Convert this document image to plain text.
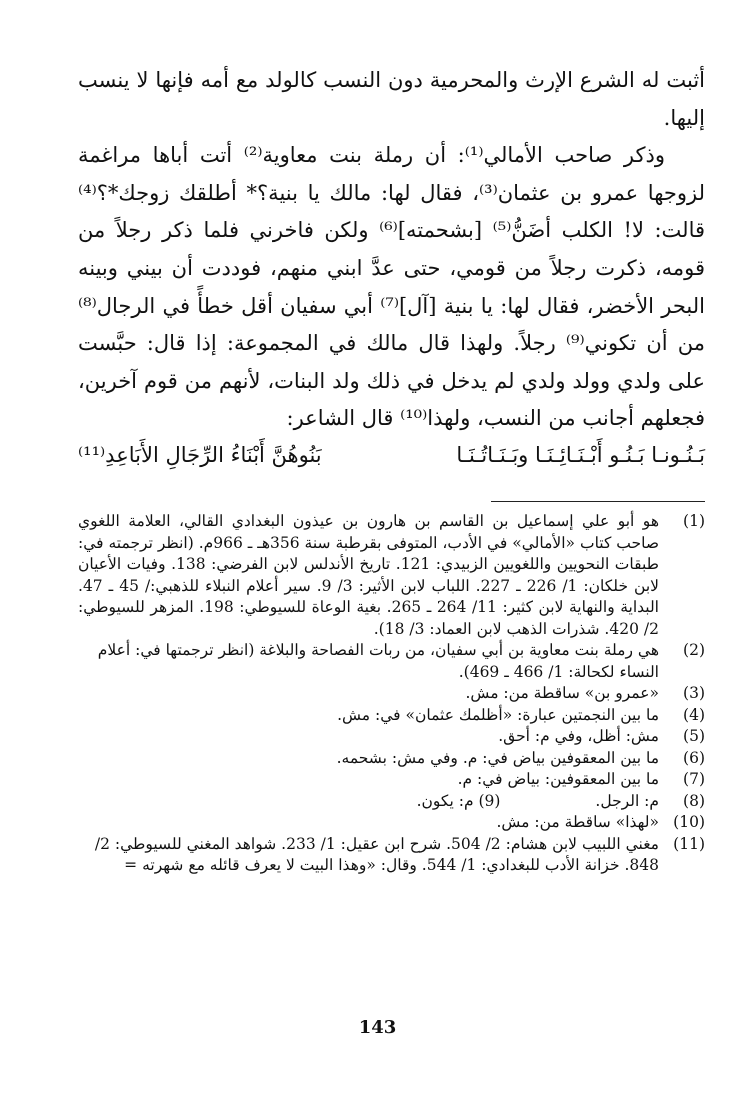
أثبت له الشرع الإرث والمحرمية دون النسب كالولد مع أمه فإنها لا ينسب إليها.

وذكر صاحب الأمالي⁽¹⁾: أن رملة بنت معاوية⁽²⁾ أتت أباها مراغمة لزوجها عمرو بن عثمان⁽³⁾، فقال لها: مالك يا بنية؟* أطلقك زوجك*؟⁽⁴⁾ قالت: لا! الكلب أضَنُّ⁽⁵⁾ [بشحمته]⁽⁶⁾ ولكن فاخرني فلما ذكر رجلاً من قومه، ذكرت رجلاً من قومي، حتى عدَّ ابني منهم، فوددت أن بيني وبينه البحر الأخضر، فقال لها: يا بنية [آل]⁽⁷⁾ أبي سفيان أقل خطأً في الرجال⁽⁸⁾ من أن تكوني⁽⁹⁾ رجلاً. ولهذا قال مالك في المجموعة: إذا قال: حبَّست على ولدي وولد ولدي لم يدخل في ذلك ولد البنات، لأنهم من قوم آخرين، فجعلهم أجانب من النسب، ولهذا⁽¹⁰⁾ قال الشاعر:

بَـنُـونـا بَـنُـو أَبْـنَـائِـنَـا وبَـنَـاتُـنَـا
بَنُوهُنَّ أَبْنَاءُ الرِّجَالِ الأَبَاعِدِ⁽¹¹⁾
(1)
هو أبو علي إسماعيل بن القاسم بن هارون بن عيذون البغدادي القالي، العلامة اللغوي صاحب كتاب «الأمالي» في الأدب، المتوفى بقرطبة سنة 356هـ ـ 966م. (انظر ترجمته في: طبقات النحويين واللغويين الزبيدي: 121. تاريخ الأندلس لابن الفرضي: 138. وفيات الأعيان لابن خلكان: 1/ 226 ـ 227. اللباب لابن الأثير: 3/ 9. سير أعلام النبلاء للذهبي:/ 45 ـ 47. البداية والنهاية لابن كثير: 11/ 264 ـ 265. بغية الوعاة للسيوطي: 198. المزهر للسيوطي: 2/ 420. شذرات الذهب لابن العماد: 3/ 18).
(2)
هي رملة بنت معاوية بن أبي سفيان، من ربات الفصاحة والبلاغة (انظر ترجمتها في: أعلام النساء لكحالة: 1/ 466 ـ 469).
(3)
«عمرو بن» ساقطة من: مش.
(4)
ما بين النجمتين عبارة: «أظلمك عثمان» في: مش.
(5)
مش: أظل، وفي م: أحق.
(6)
ما بين المعقوفين بياض في: م. وفي مش: بشحمه.
(7)
ما بين المعقوفين: بياض في: م.
(8)
م: الرجل. (9) م: يكون.
(10)
«لهذا» ساقطة من: مش.
(11)
مغني اللبيب لابن هشام: 2/ 504. شرح ابن عقيل: 1/ 233. شواهد المغني للسيوطي: 2/ 848. خزانة الأدب للبغدادي: 1/ 544. وقال: «وهذا البيت لا يعرف قائله مع شهرته =
143
